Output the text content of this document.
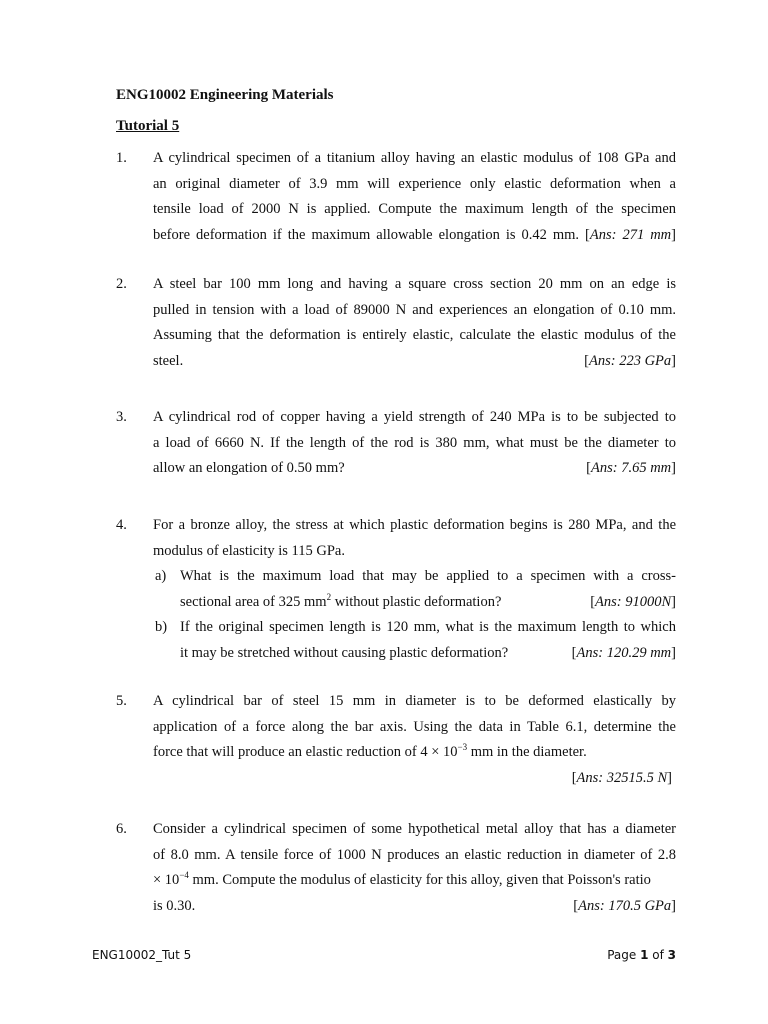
ENG10002 Engineering Materials
Tutorial 5
1. A cylindrical specimen of a titanium alloy having an elastic modulus of 108 GPa and
an original diameter of 3.9 mm will experience only elastic deformation when a
tensile load of 2000 N is applied. Compute the maximum length of the specimen
before deformation if the maximum allowable elongation is 0.42 mm. [Ans: 271 mm]
2. A steel bar 100 mm long and having a square cross section 20 mm on an edge is
pulled in tension with a load of 89000 N and experiences an elongation of 0.10 mm.
Assuming that the deformation is entirely elastic, calculate the elastic modulus of the
steel.	[Ans: 223 GPa]
3. A cylindrical rod of copper having a yield strength of 240 MPa is to be subjected to
a load of 6660 N. If the length of the rod is 380 mm, what must be the diameter to
allow an elongation of 0.50 mm?	[Ans: 7.65 mm]
4. For a bronze alloy, the stress at which plastic deformation begins is 280 MPa, and the
modulus of elasticity is 115 GPa.
a) What is the maximum load that may be applied to a specimen with a cross-
sectional area of 325 $mm^2$ without plastic deformation?	[Ans: 91000N]
b) If the original specimen length is 120 mm, what is the maximum length to which
it may be stretched without causing plastic deformation?	[Ans: 120.29 mm]
5. A cylindrical bar of steel 15 mm in diameter is to be deformed elastically by
application of a force along the bar axis. Using the data in Table 6.1, determine the
force that will produce an elastic reduction of $4 \times 10^{-3}$ mm in the diameter.
[Ans: 32515.5 N]
6. Consider a cylindrical specimen of some hypothetical metal alloy that has a diameter
of 8.0 mm. A tensile force of 1000 N produces an elastic reduction in diameter of 2.8
× $10^{-4}$ mm. Compute the modulus of elasticity for this alloy, given that Poisson's ratio
is 0.30.	[Ans: 170.5 GPa]
ENG10002_Tut 5	Page 1 of 3
